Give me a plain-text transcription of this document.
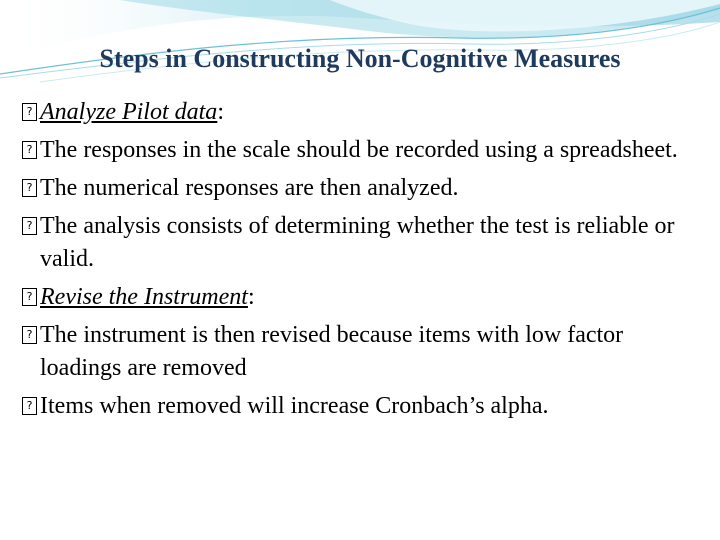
Steps in Constructing Non-Cognitive Measures
? Analyze Pilot data:
? The responses in the scale should be recorded using a spreadsheet.
? The numerical responses are then analyzed.
? The analysis consists of determining whether the test is reliable or valid.
? Revise the Instrument:
? The instrument is then revised because items with low factor loadings are removed
? Items when removed will increase Cronbach’s alpha.
